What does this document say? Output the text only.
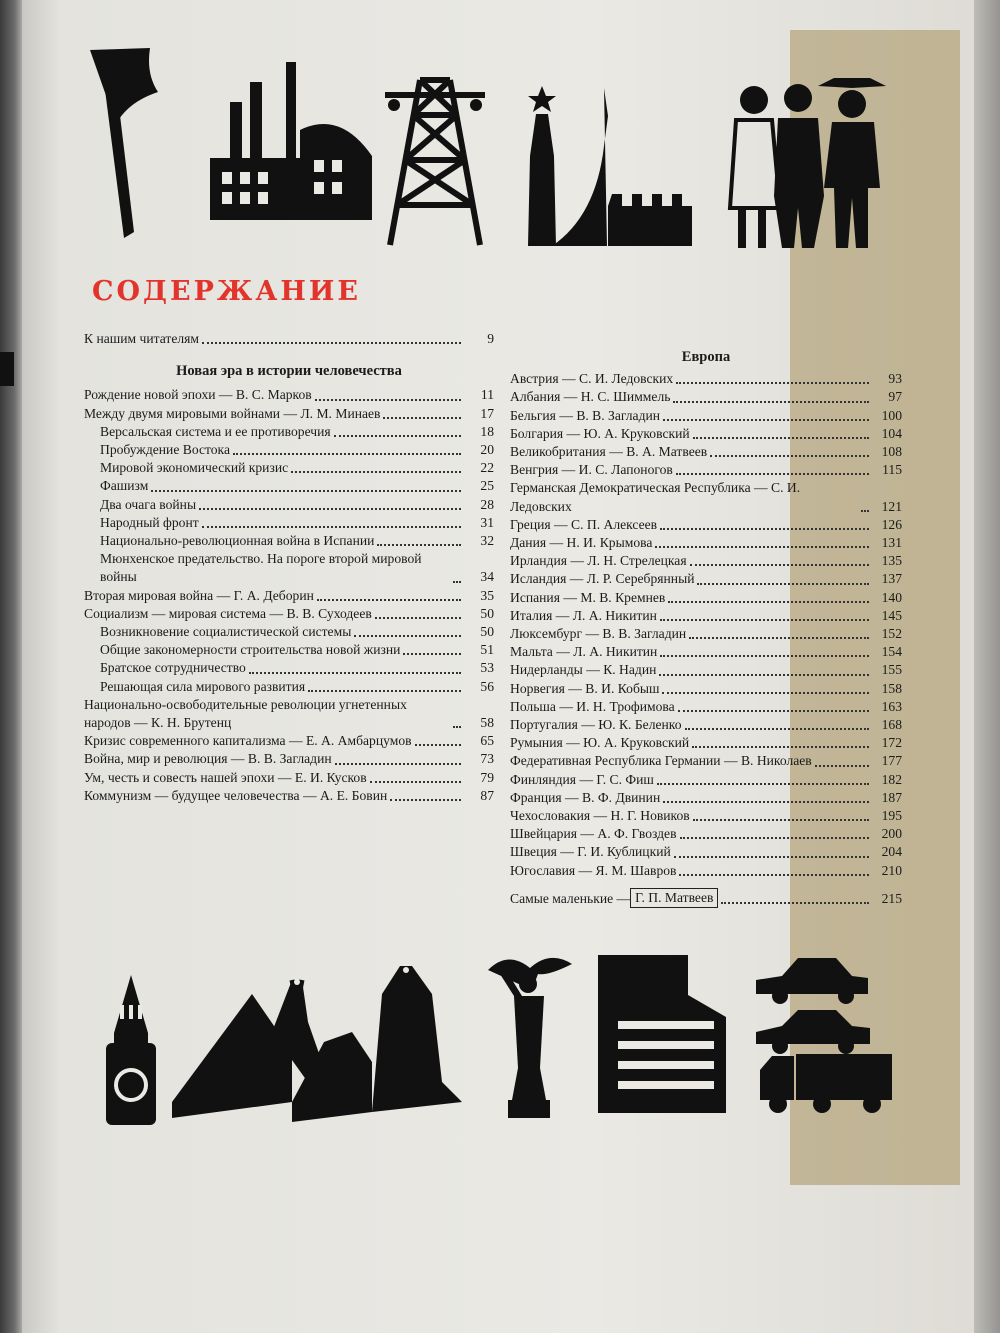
СОДЕРЖАНИЕ
К нашим читателям	9
Новая эра в истории человечества
Рождение новой эпохи — В. С. Марков	11
Между двумя мировыми войнами — Л. М. Минаев	17
Версальская система и ее противоречия	18
Пробуждение Востока	20
Мировой экономический кризис	22
Фашизм	25
Два очага войны	28
Народный фронт	31
Национально-революционная война в Испании	32
Мюнхенское предательство. На пороге второй мировой войны	34
Вторая мировая война — Г. А. Деборин	35
Социализм — мировая система — В. В. Суходеев	50
Возникновение социалистической системы	50
Общие закономерности строительства новой жизни	51
Братское сотрудничество	53
Решающая сила мирового развития	56
Национально-освободительные революции угнетенных народов — К. Н. Брутенц	58
Кризис современного капитализма — Е. А. Амбарцумов	65
Война, мир и революция — В. В. Загладин	73
Ум, честь и совесть нашей эпохи — Е. И. Кусков	79
Коммунизм — будущее человечества — А. Е. Бовин	87
Европа
Австрия — С. И. Ледовских	93
Албания — Н. С. Шиммель	97
Бельгия — В. В. Загладин	100
Болгария — Ю. А. Круковский	104
Великобритания — В. А. Матвеев	108
Венгрия — И. С. Лапоногов	115
Германская Демократическая Республика — С. И. Ледовских	121
Греция — С. П. Алексеев	126
Дания — Н. И. Крымова	131
Ирландия — Л. Н. Стрелецкая	135
Исландия — Л. Р. Серебрянный	137
Испания — М. В. Кремнев	140
Италия — Л. А. Никитин	145
Люксембург — В. В. Загладин	152
Мальта — Л. А. Никитин	154
Нидерланды — К. Надин	155
Норвегия — В. И. Кобыш	158
Польша — И. Н. Трофимова	163
Португалия — Ю. К. Беленко	168
Румыния — Ю. А. Круковский	172
Федеративная Республика Германии — В. Николаев	177
Финляндия — Г. С. Фиш	182
Франция — В. Ф. Двинин	187
Чехословакия — Н. Г. Новиков	195
Швейцария — А. Ф. Гвоздев	200
Швеция — Г. И. Кублицкий	204
Югославия — Я. М. Шавров	210
Самые маленькие — Г. П. Матвеев	215
